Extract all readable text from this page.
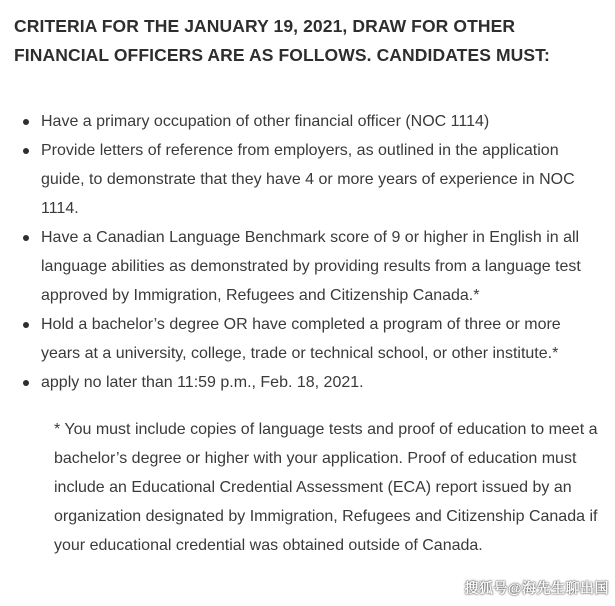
CRITERIA FOR THE JANUARY 19, 2021, DRAW FOR OTHER FINANCIAL OFFICERS ARE AS FOLLOWS. CANDIDATES MUST:
Have a primary occupation of other financial officer (NOC 1114)
Provide letters of reference from employers, as outlined in the application guide, to demonstrate that they have 4 or more years of experience in NOC 1114.
Have a Canadian Language Benchmark score of 9 or higher in English in all language abilities as demonstrated by providing results from a language test approved by Immigration, Refugees and Citizenship Canada.*
Hold a bachelor’s degree OR have completed a program of three or more years at a university, college, trade or technical school, or other institute.*
apply no later than 11:59 p.m., Feb. 18, 2021.

* You must include copies of language tests and proof of education to meet a bachelor’s degree or higher with your application. Proof of education must include an Educational Credential Assessment (ECA) report issued by an organization designated by Immigration, Refugees and Citizenship Canada if your educational credential was obtained outside of Canada.

搜狐号@海先生聊出国
